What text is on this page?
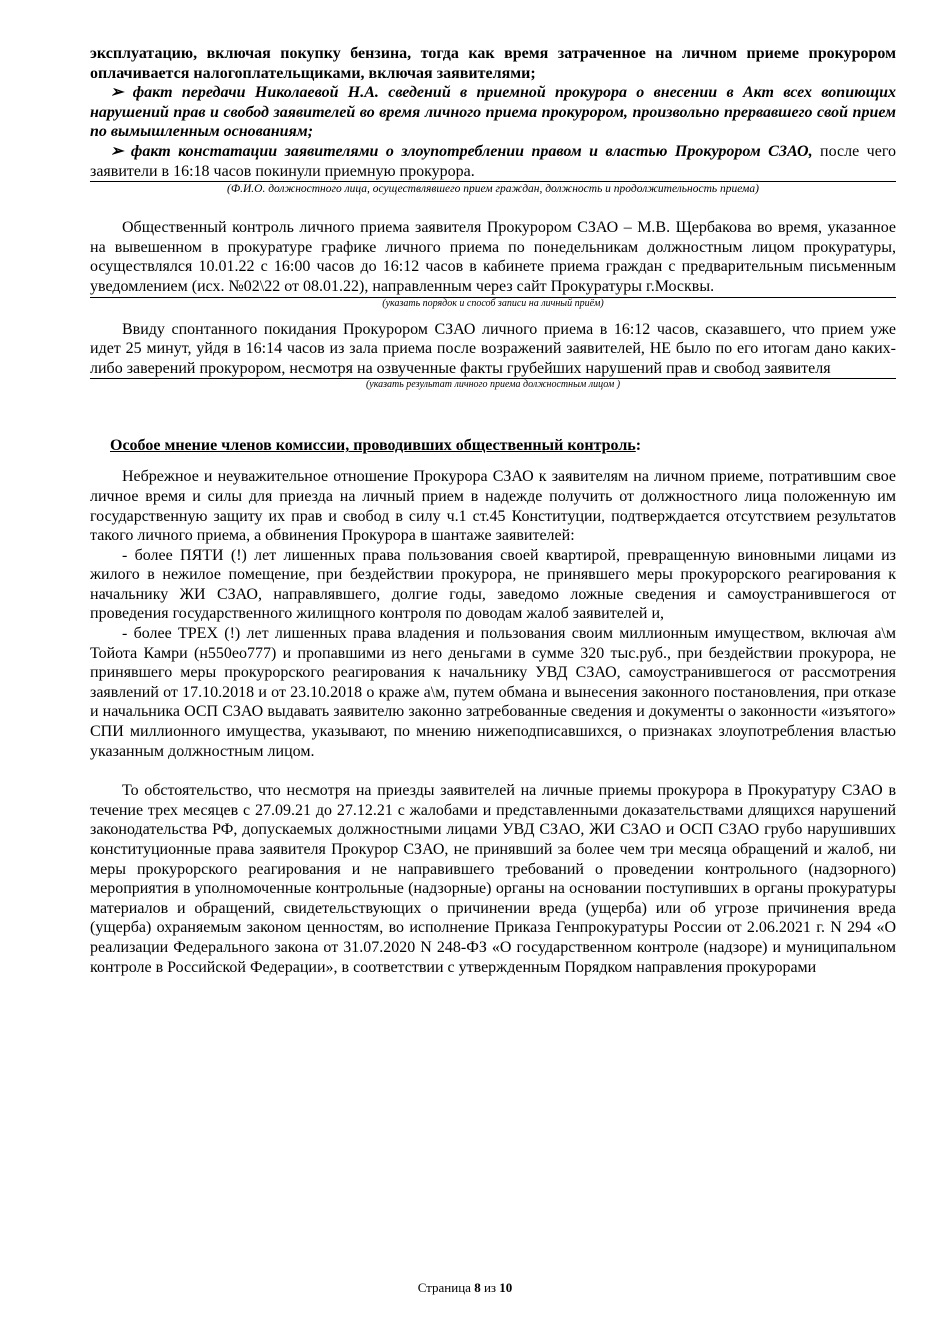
эксплуатацию, включая покупку бензина, тогда как время затраченное на личном приеме прокурором оплачивается налогоплательщиками, включая заявителями;

➢ факт передачи Николаевой Н.А. сведений в приемной прокурора о внесении в Акт всех вопиющих нарушений прав и свобод заявителей во время личного приема прокурором, произвольно прервавшего свой прием по вымышленным основаниям;

➢ факт констатации заявителями о злоупотреблении правом и властью Прокурором СЗАО, после чего заявители в 16:18 часов покинули приемную прокурора.

(Ф.И.О. должностного лица, осуществлявшего прием граждан, должность и продолжительность приема)

Общественный контроль личного приема заявителя Прокурором СЗАО – М.В. Щербакова во время, указанное на вывешенном в прокуратуре графике личного приема по понедельникам должностным лицом прокуратуры, осуществлялся 10.01.22 с 16:00 часов до 16:12 часов в кабинете приема граждан с предварительным письменным уведомлением (исх. №02\22 от 08.01.22), направленным через сайт Прокуратуры г.Москвы.

(указать порядок и способ записи на личный приём)

Ввиду спонтанного покидания Прокурором СЗАО личного приема в 16:12 часов, сказавшего, что прием уже идет 25 минут, уйдя в 16:14 часов из зала приема после возражений заявителей, НЕ было по его итогам дано каких-либо заверений прокурором, несмотря на озвученные факты грубейших нарушений прав и свобод заявителя

(указать результат личного приема должностным лицом )

Особое мнение членов комиссии, проводивших общественный контроль:

Небрежное и неуважительное отношение Прокурора СЗАО к заявителям на личном приеме, потратившим свое личное время и силы для приезда на личный прием в надежде получить от должностного лица положенную им государственную защиту их прав и свобод в силу ч.1 ст.45 Конституции, подтверждается отсутствием результатов такого личного приема, а обвинения Прокурора в шантаже заявителей:

- более ПЯТИ (!) лет лишенных права пользования своей квартирой, превращенную виновными лицами из жилого в нежилое помещение, при бездействии прокурора, не принявшего меры прокурорского реагирования к начальнику ЖИ СЗАО, направлявшего, долгие годы, заведомо ложные сведения и самоустранившегося от проведения государственного жилищного контроля по доводам жалоб заявителей и,

- более ТРЕХ (!) лет лишенных права владения и пользования своим миллионным имуществом, включая а\м Тойота Камри (н550ео777) и пропавшими из него деньгами в сумме 320 тыс.руб., при бездействии прокурора, не принявшего меры прокурорского реагирования к начальнику УВД СЗАО, самоустранившегося от рассмотрения заявлений от 17.10.2018 и от 23.10.2018 о краже а\м, путем обмана и вынесения законного постановления, при отказе и начальника ОСП СЗАО выдавать заявителю законно затребованные сведения и документы о законности «изъятого» СПИ миллионного имущества, указывают, по мнению нижеподписавшихся, о признаках злоупотребления властью указанным должностным лицом.

То обстоятельство, что несмотря на приезды заявителей на личные приемы прокурора в Прокуратуру СЗАО в течение трех месяцев с 27.09.21 до 27.12.21 с жалобами и представленными доказательствами длящихся нарушений законодательства РФ, допускаемых должностными лицами УВД СЗАО, ЖИ СЗАО и ОСП СЗАО грубо нарушивших конституционные права заявителя Прокурор СЗАО, не принявший за более чем три месяца обращений и жалоб, ни меры прокурорского реагирования и не направившего требований о проведении контрольного (надзорного) мероприятия в уполномоченные контрольные (надзорные) органы на основании поступивших в органы прокуратуры материалов и обращений, свидетельствующих о причинении вреда (ущерба) или об угрозе причинения вреда (ущерба) охраняемым законом ценностям, во исполнение Приказа Генпрокуратуры России от 2.06.2021 г. N 294 «О реализации Федерального закона от 31.07.2020 N 248-ФЗ «О государственном контроле (надзоре) и муниципальном контроле в Российской Федерации», в соответствии с утвержденным Порядком направления прокурорами

Страница 8 из 10
